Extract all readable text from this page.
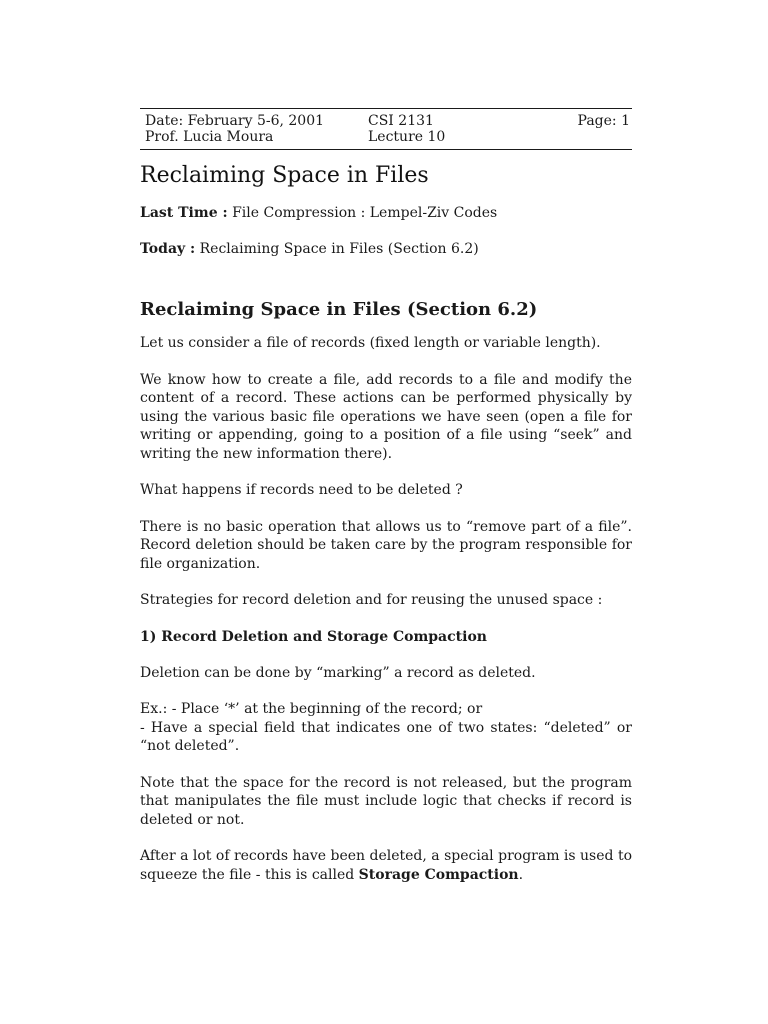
Date: February 5-6, 2001
Prof. Lucia Moura
CSI 2131
Lecture 10
Page: 1
Reclaiming Space in Files
Last Time : File Compression : Lempel-Ziv Codes
Today : Reclaiming Space in Files (Section 6.2)
Reclaiming Space in Files (Section 6.2)

Let us consider a file of records (fixed length or variable length).

We know how to create a file, add records to a file and modify the content of a record. These actions can be performed physically by using the various basic file operations we have seen (open a file for writing or appending, going to a position of a file using “seek” and writing the new information there).

What happens if records need to be deleted ?

There is no basic operation that allows us to “remove part of a file”. Record deletion should be taken care by the program responsible for file organization.

Strategies for record deletion and for reusing the unused space :

1) Record Deletion and Storage Compaction

Deletion can be done by “marking” a record as deleted.

Ex.: - Place ‘*’ at the beginning of the record; or
- Have a special field that indicates one of two states: “deleted” or “not deleted”.

Note that the space for the record is not released, but the program that manipulates the file must include logic that checks if record is deleted or not.

After a lot of records have been deleted, a special program is used to squeeze the file - this is called Storage Compaction.
